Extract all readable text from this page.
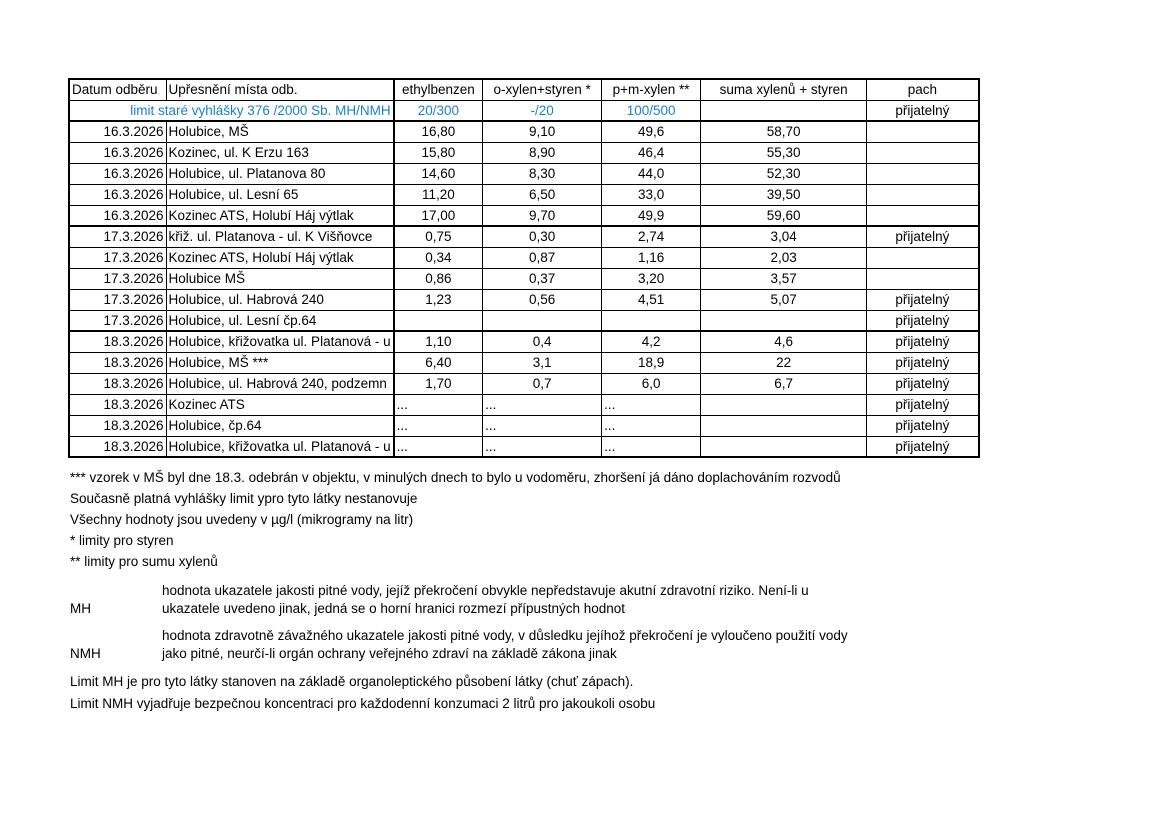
Datum odběru	Upřesnění místa odb.	ethylbenzen	o-xylen+styren *	p+m-xylen **	suma xylenů + styren	pach
limit staré vyhlášky 376 /2000 Sb. MH/NMH		20/300	-/20	100/500		přijatelný
16.3.2026	Holubice, MŠ	16,80	9,10	49,6	58,70	
16.3.2026	Kozinec, ul. K Erzu 163	15,80	8,90	46,4	55,30	
16.3.2026	Holubice, ul. Platanova 80	14,60	8,30	44,0	52,30	
16.3.2026	Holubice, ul. Lesní 65	11,20	6,50	33,0	39,50	
16.3.2026	Kozinec ATS, Holubí Háj výtlak	17,00	9,70	49,9	59,60	
17.3.2026	křiž. ul. Platanova - ul. K Višňovce	0,75	0,30	2,74	3,04	přijatelný
17.3.2026	Kozinec ATS, Holubí Háj výtlak	0,34	0,87	1,16	2,03	
17.3.2026	Holubice MŠ	0,86	0,37	3,20	3,57	
17.3.2026	Holubice, ul. Habrová 240	1,23	0,56	4,51	5,07	přijatelný
17.3.2026	Holubice, ul. Lesní čp.64					přijatelný
18.3.2026	Holubice, křižovatka ul. Platanová - u	1,10	0,4	4,2	4,6	přijatelný
18.3.2026	Holubice, MŠ ***	6,40	3,1	18,9	22	přijatelný
18.3.2026	Holubice, ul. Habrová 240, podzemn	1,70	0,7	6,0	6,7	přijatelný
18.3.2026	Kozinec ATS	...	...	...		přijatelný
18.3.2026	Holubice, čp.64	...	...	...		přijatelný
18.3.2026	Holubice, křižovatka ul. Platanová - u	...	...	...		přijatelný
*** vzorek v MŠ byl dne 18.3. odebrán v objektu, v minulých dnech to bylo u vodoměru, zhoršení já dáno doplachováním rozvodů
Současně platná vyhlášky limit ypro tyto látky nestanovuje
Všechny hodnoty jsou uvedeny v µg/l (mikrogramy na litr)
* limity pro styren
** limity pro sumu xylenů
MH
hodnota ukazatele jakosti pitné vody, jejíž překročení obvykle nepředstavuje akutní zdravotní riziko. Není-li u ukazatele uvedeno jinak, jedná se o horní hranici rozmezí přípustných hodnot
NMH
hodnota zdravotně závažného ukazatele jakosti pitné vody, v důsledku jejíhož překročení je vyloučeno použití vody jako pitné, neurčí-li orgán ochrany veřejného zdraví na základě zákona jinak
Limit MH je pro tyto látky stanoven na základě organoleptického působení látky (chuť zápach).
Limit NMH vyjadřuje bezpečnou koncentraci pro každodenní konzumaci 2 litrů pro jakoukoli osobu
